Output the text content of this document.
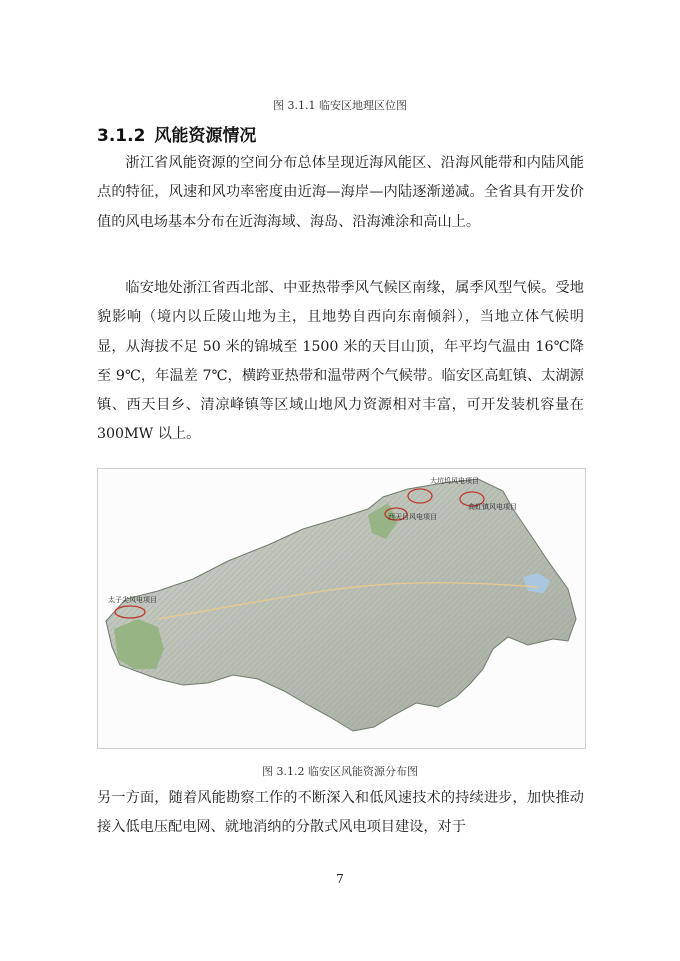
图 3.1.1 临安区地理区位图
3.1.2 风能资源情况

浙江省风能资源的空间分布总体呈现近海风能区、沿海风能带和内陆风能点的特征，风速和风功率密度由近海—海岸—内陆逐渐递减。全省具有开发价值的风电场基本分布在近海海域、海岛、沿海滩涂和高山上。

临安地处浙江省西北部、中亚热带季风气候区南缘，属季风型气候。受地貌影响（境内以丘陵山地为主，且地势自西向东南倾斜），当地立体气候明显，从海拔不足 50 米的锦城至 1500 米的天目山顶，年平均气温由 16℃降至 9℃，年温差 7℃，横跨亚热带和温带两个气候带。临安区高虹镇、太湖源镇、西天目乡、清凉峰镇等区域山地风力资源相对丰富，可开发装机容量在 300MW 以上。

太子尖风电项目
大坑坞风电项目
西天目风电项目
高虹镇风电项目
图 3.1.2 临安区风能资源分布图

另一方面，随着风能勘察工作的不断深入和低风速技术的持续进步，加快推动接入低电压配电网、就地消纳的分散式风电项目建设，对于

7
